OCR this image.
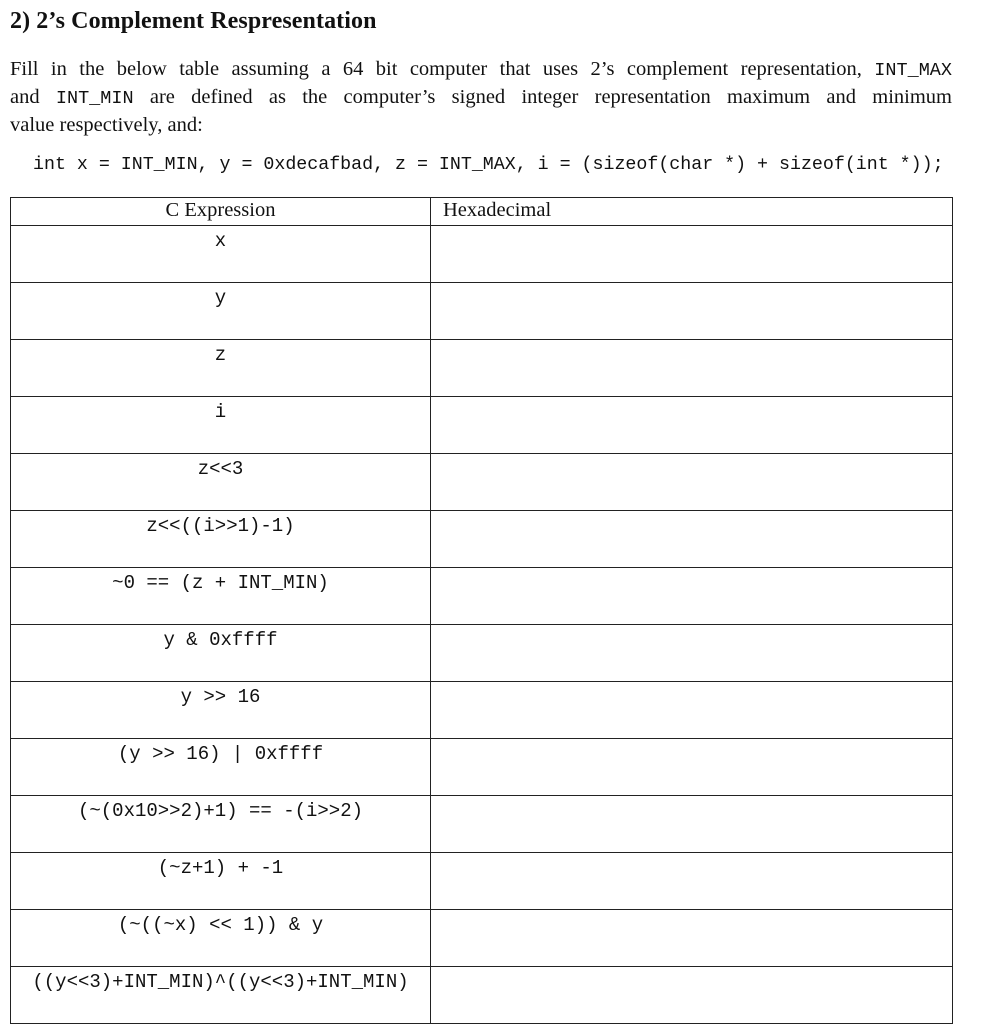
2) 2’s Complement Respresentation
Fill in the below table assuming a 64 bit computer that uses 2’s complement representation, INT_MAX
and INT_MIN are defined as the computer’s signed integer representation maximum and minimum
value respectively, and:
int x = INT_MIN, y = 0xdecafbad, z = INT_MAX, i = (sizeof(char *) + sizeof(int *));
C Expression	Hexadecimal
x	
y	
z	
i	
z<<3	
z<<((i>>1)-1)	
~0 == (z + INT_MIN)	
y & 0xffff	
y >> 16	
(y >> 16) | 0xffff	
(~(0x10>>2)+1) == -(i>>2)	
(~z+1) + -1	
(~((~x) << 1)) & y	
((y<<3)+INT_MIN)^((y<<3)+INT_MIN)	
